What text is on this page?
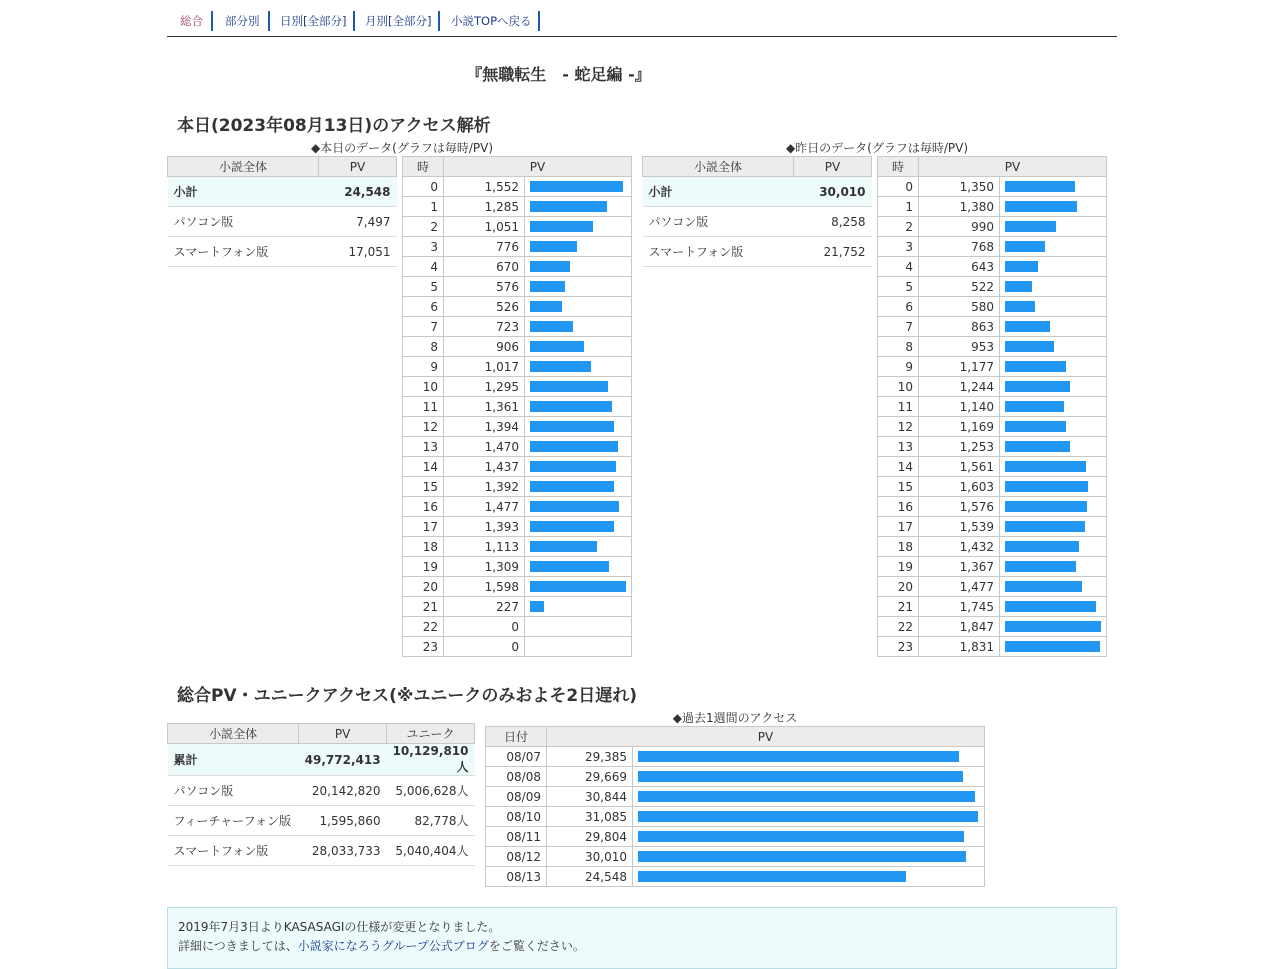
総合	部分別	日別[全部分]	月別[全部分]	小説TOPへ戻る
『無職転生　- 蛇足編 -』
本日(2023年08月13日)のアクセス解析
◆本日のデータ(グラフは毎時/PV)	◆昨日のデータ(グラフは毎時/PV)
小説全体	PV
小計	24,548
パソコン版	7,497
スマートフォン版	17,051
時	PV	
0	1,552	

1	1,285	

2	1,051	

3	776	

4	670	

5	576	

6	526	

7	723	

8	906	

9	1,017	

10	1,295	

11	1,361	

12	1,394	

13	1,470	

14	1,437	

15	1,392	

16	1,477	

17	1,393	

18	1,113	

19	1,309	

20	1,598	

21	227	

22	0	
23	0	
小説全体	PV
小計	30,010
パソコン版	8,258
スマートフォン版	21,752
時	PV	
0	1,350	

1	1,380	

2	990	

3	768	

4	643	

5	522	

6	580	

7	863	

8	953	

9	1,177	

10	1,244	

11	1,140	

12	1,169	

13	1,253	

14	1,561	

15	1,603	

16	1,576	

17	1,539	

18	1,432	

19	1,367	

20	1,477	

21	1,745	

22	1,847	

23	1,831	
総合PV・ユニークアクセス(※ユニークのみおよそ2日遅れ)
◆過去1週間のアクセス
小説全体	PV	ユニーク
累計	49,772,413	10,129,810人
パソコン版	20,142,820	5,006,628人
フィーチャーフォン版	1,595,860	82,778人
スマートフォン版	28,033,733	5,040,404人
日付	PV	
08/07	29,385	

08/08	29,669	

08/09	30,844	

08/10	31,085	

08/11	29,804	

08/12	30,010	

08/13	24,548	

2019年7月3日よりKASASAGIの仕様が変更となりました。

詳細につきましては、小説家になろうグループ公式ブログをご覧ください。
